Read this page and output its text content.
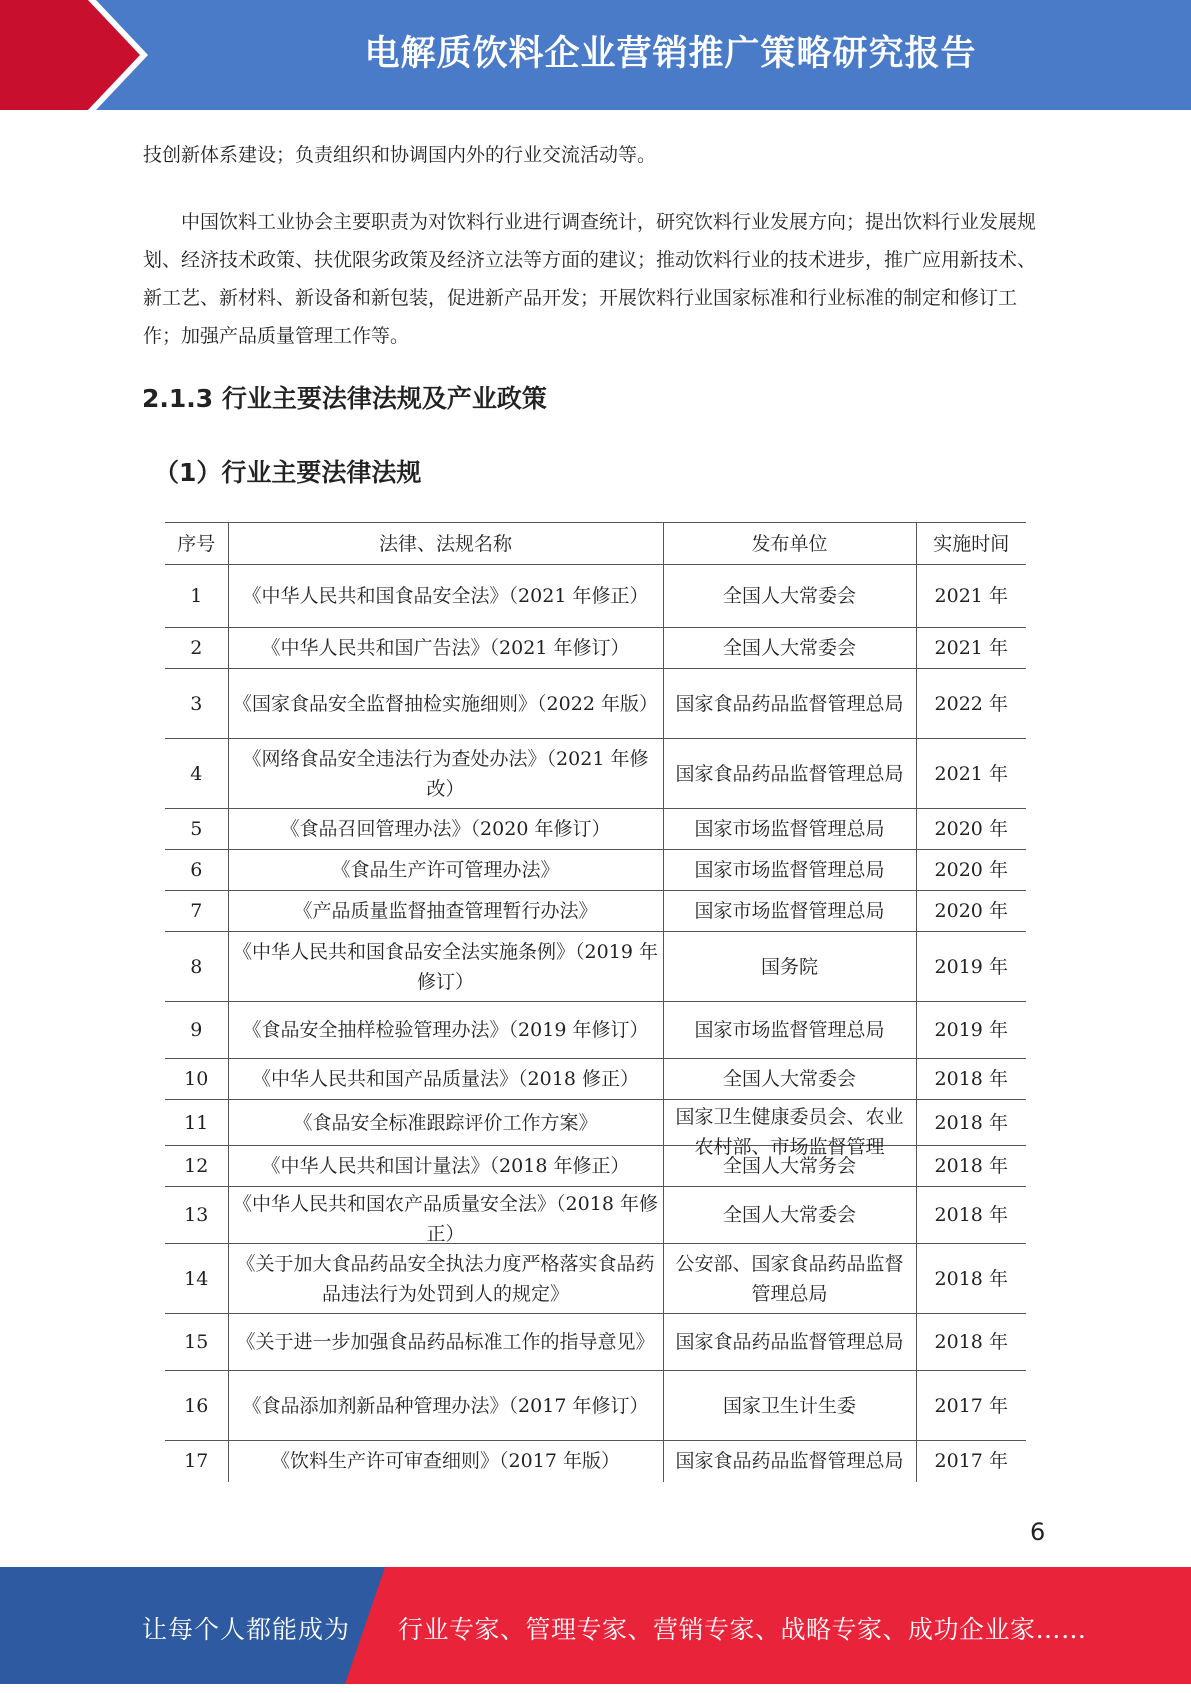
电解质饮料企业营销推广策略研究报告

技创新体系建设；负责组织和协调国内外的行业交流活动等。

中国饮料工业协会主要职责为对饮料行业进行调查统计，研究饮料行业发展方向；提出饮料行业发展规划、经济技术政策、扶优限劣政策及经济立法等方面的建议；推动饮料行业的技术进步，推广应用新技术、新工艺、新材料、新设备和新包装，促进新产品开发；开展饮料行业国家标准和行业标准的制定和修订工作；加强产品质量管理工作等。

2.1.3 行业主要法律法规及产业政策
（1）行业主要法律法规
序号	法律、法规名称	发布单位	实施时间

1	《中华人民共和国食品安全法》（2021 年修正）	全国人大常委会	2021 年

2	《中华人民共和国广告法》（2021 年修订）	全国人大常委会	2021 年

3	《国家食品安全监督抽检实施细则》（2022 年版）	国家食品药品监督管理总局	2022 年

4	《网络食品安全违法行为查处办法》（2021 年修改）	国家食品药品监督管理总局	2021 年

5	《食品召回管理办法》（2020 年修订）	国家市场监督管理总局	2020 年

6	《食品生产许可管理办法》	国家市场监督管理总局	2020 年

7	《产品质量监督抽查管理暂行办法》	国家市场监督管理总局	2020 年

8	《中华人民共和国食品安全法实施条例》（2019 年修订）	国务院	2019 年

9	《食品安全抽样检验管理办法》（2019 年修订）	国家市场监督管理总局	2019 年

10	《中华人民共和国产品质量法》（2018 修正）	全国人大常委会	2018 年

11	《食品安全标准跟踪评价工作方案》	国家卫生健康委员会、农业农村部、市场监督管理	2018 年

12	《中华人民共和国计量法》（2018 年修正）	全国人大常务会	2018 年

13	《中华人民共和国农产品质量安全法》（2018 年修正）	全国人大常委会	2018 年

14	《关于加大食品药品安全执法力度严格落实食品药品违法行为处罚到人的规定》	公安部、国家食品药品监督管理总局	2018 年

15	《关于进一步加强食品药品标准工作的指导意见》	国家食品药品监督管理总局	2018 年

16	《食品添加剂新品种管理办法》（2017 年修订）	国家卫生计生委	2017 年

17	《饮料生产许可审查细则》（2017 年版）	国家食品药品监督管理总局	2017 年
6
让每个人都能成为 行业专家、管理专家、营销专家、战略专家、成功企业家……
